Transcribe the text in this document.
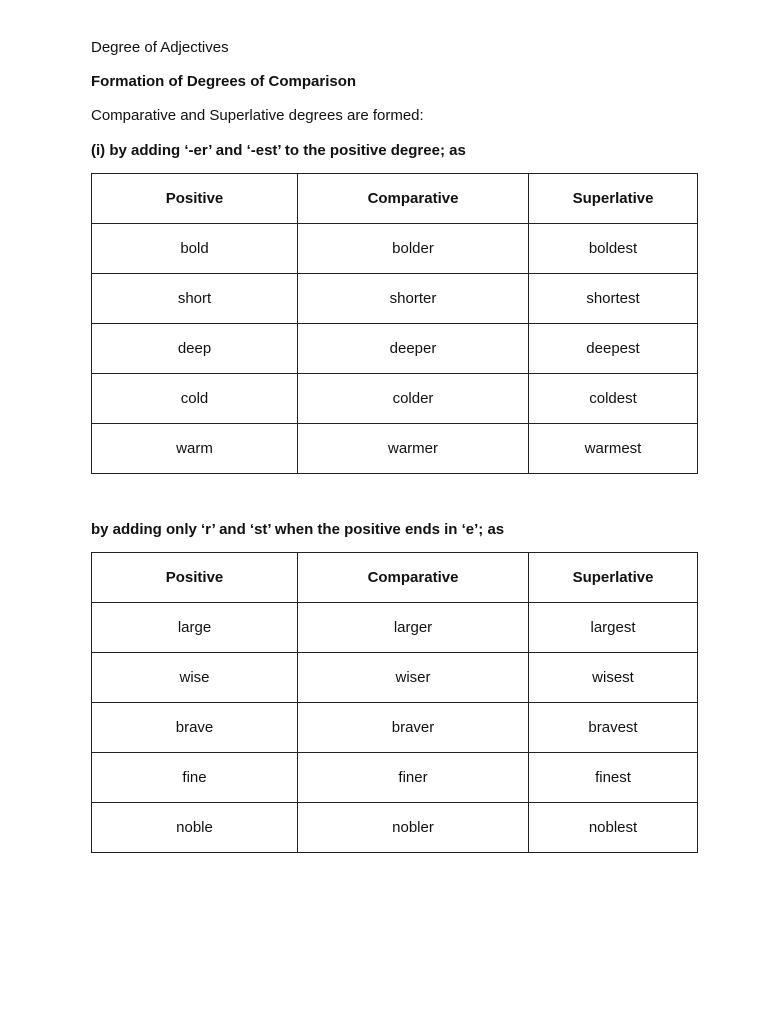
Degree of Adjectives
Formation of Degrees of Comparison
Comparative and Superlative degrees are formed:
(i) by adding ‘-er’ and ‘-est’ to the positive degree; as
Positive	Comparative	Superlative
bold	bolder	boldest
short	shorter	shortest
deep	deeper	deepest
cold	colder	coldest
warm	warmer	warmest
by adding only ‘r’ and ‘st’ when the positive ends in ‘e’; as
Positive	Comparative	Superlative
large	larger	largest
wise	wiser	wisest
brave	braver	bravest
fine	finer	finest
noble	nobler	noblest
